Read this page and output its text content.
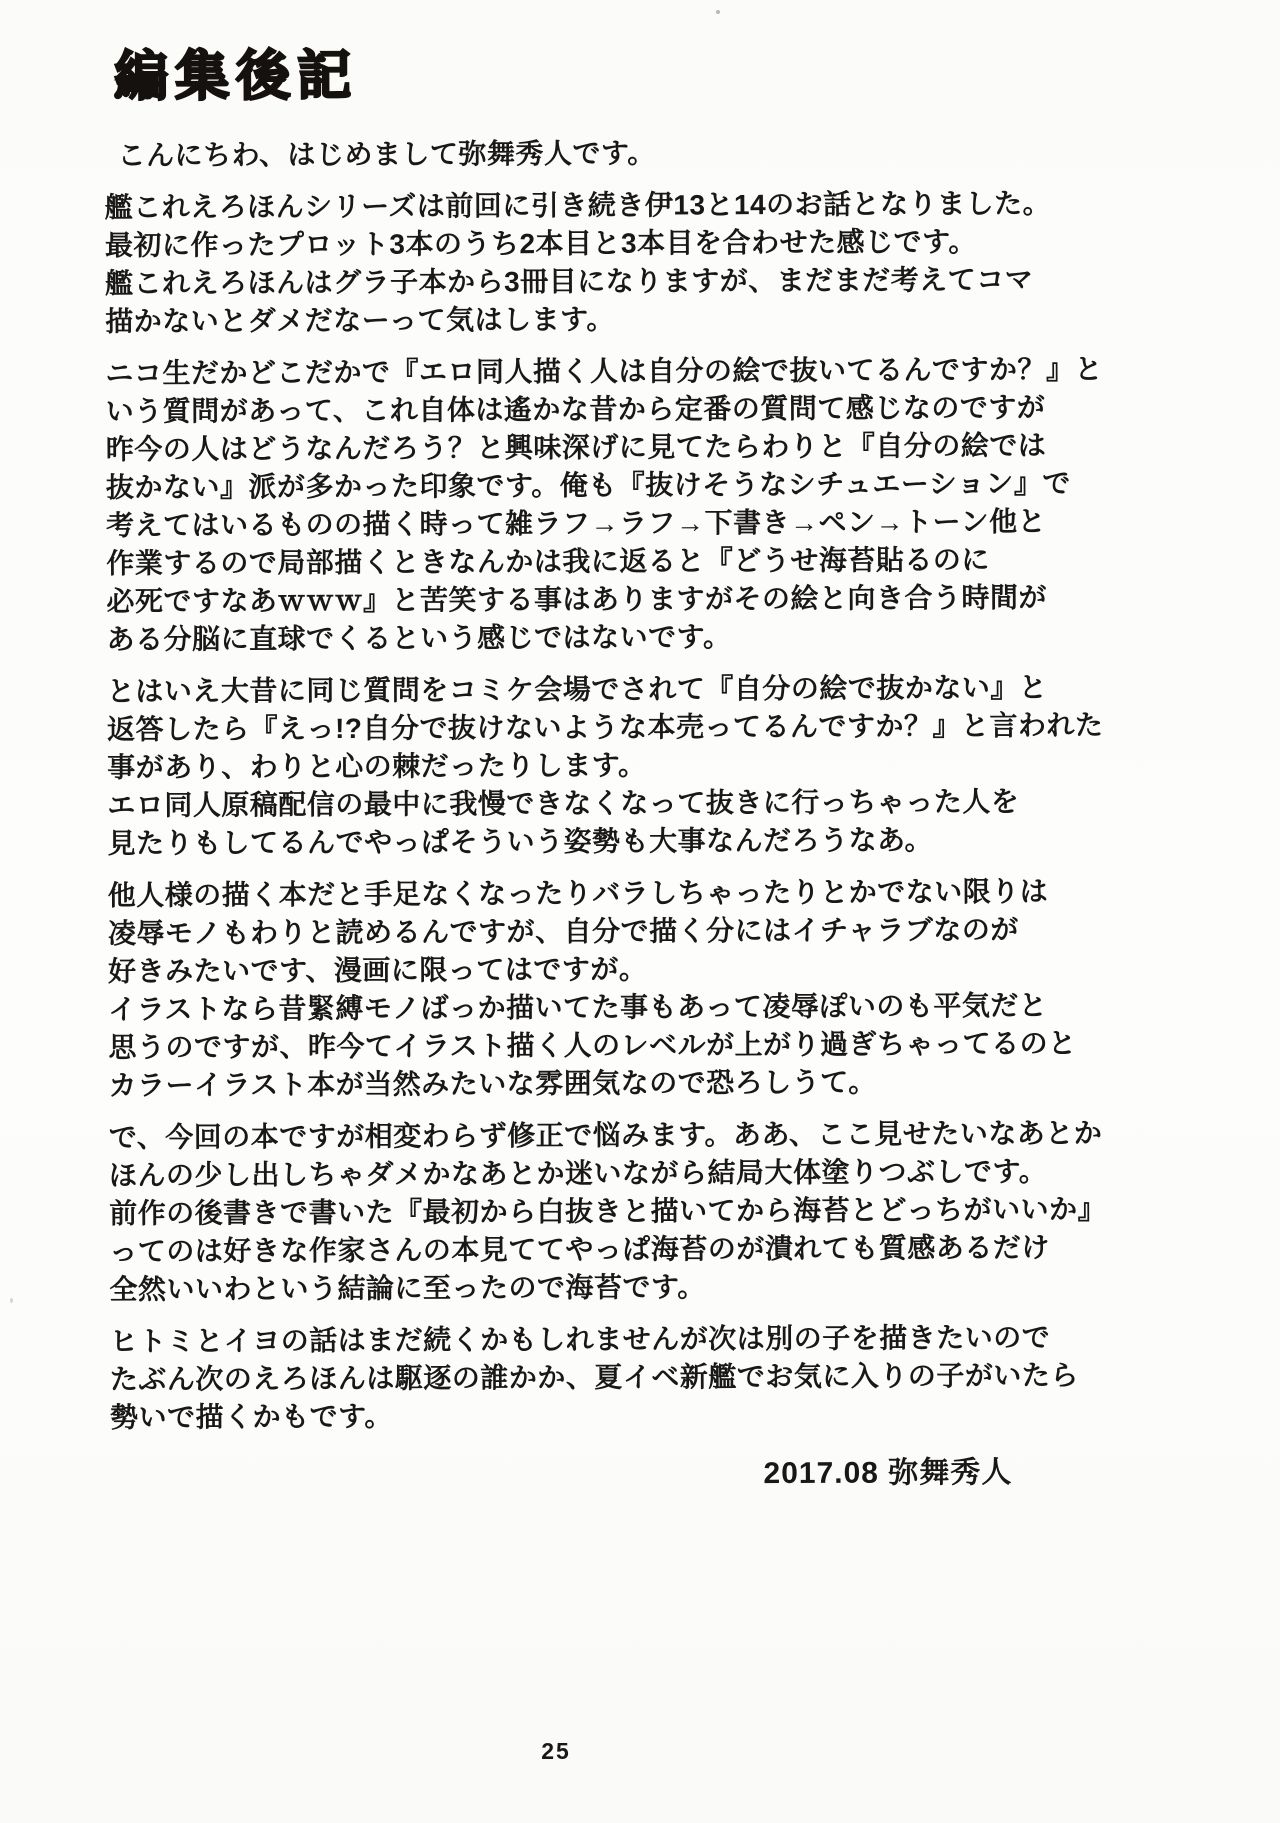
編集後記
こんにちわ、はじめまして弥舞秀人です。
艦これえろほんシリーズは前回に引き続き伊13と14のお話となりました。
最初に作ったプロット3本のうち2本目と3本目を合わせた感じです。
艦これえろほんはグラ子本から3冊目になりますが、まだまだ考えてコマ
描かないとダメだなーって気はします。
ニコ生だかどこだかで『エロ同人描く人は自分の絵で抜いてるんですか？』と
いう質問があって、これ自体は遙かな昔から定番の質問て感じなのですが
昨今の人はどうなんだろう？と興味深げに見てたらわりと『自分の絵では
抜かない』派が多かった印象です。俺も『抜けそうなシチュエーション』で
考えてはいるものの描く時って雑ラフ→ラフ→下書き→ペン→トーン他と
作業するので局部描くときなんかは我に返ると『どうせ海苔貼るのに
必死ですなあｗｗｗ』と苦笑する事はありますがその絵と向き合う時間が
ある分脳に直球でくるという感じではないです。
とはいえ大昔に同じ質問をコミケ会場でされて『自分の絵で抜かない』と
返答したら『えっ!?自分で抜けないような本売ってるんですか？』と言われた
事があり、わりと心の棘だったりします。
エロ同人原稿配信の最中に我慢できなくなって抜きに行っちゃった人を
見たりもしてるんでやっぱそういう姿勢も大事なんだろうなあ。
他人様の描く本だと手足なくなったりバラしちゃったりとかでない限りは
凌辱モノもわりと読めるんですが、自分で描く分にはイチャラブなのが
好きみたいです、漫画に限ってはですが。
イラストなら昔緊縛モノばっか描いてた事もあって凌辱ぽいのも平気だと
思うのですが、昨今てイラスト描く人のレベルが上がり過ぎちゃってるのと
カラーイラスト本が当然みたいな雰囲気なので恐ろしうて。
で、今回の本ですが相変わらず修正で悩みます。ああ、ここ見せたいなあとか
ほんの少し出しちゃダメかなあとか迷いながら結局大体塗りつぶしです。
前作の後書きで書いた『最初から白抜きと描いてから海苔とどっちがいいか』
ってのは好きな作家さんの本見ててやっぱ海苔のが潰れても質感あるだけ
全然いいわという結論に至ったので海苔です。
ヒトミとイヨの話はまだ続くかもしれませんが次は別の子を描きたいので
たぶん次のえろほんは駆逐の誰かか、夏イベ新艦でお気に入りの子がいたら
勢いで描くかもです。
2017.08 弥舞秀人
25
